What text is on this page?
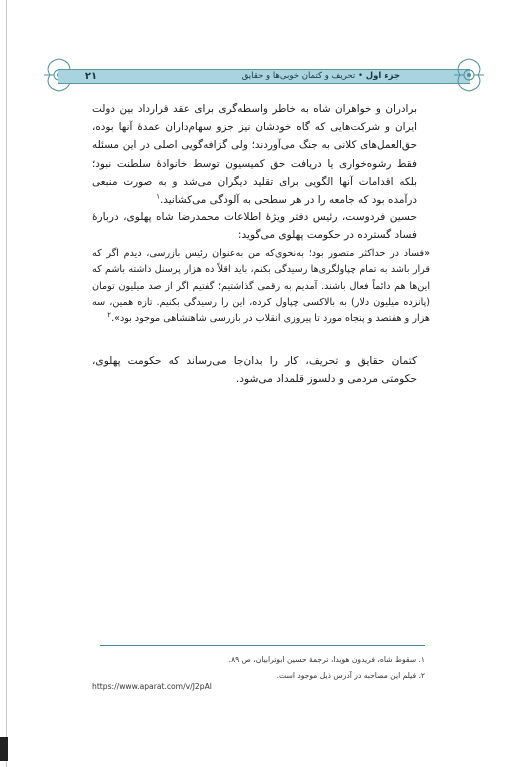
۲۱	جزء اول • تحریف و کتمان خوبی‌ها و حقایق
برادران و خواهران شاه به خاطر واسطه‌گری برای عقد قرارداد بین دولت ایران و شرکت‌هایی که گاه خودشان نیز جزو سهام‌داران عمدهٔ آنها بوده، حق‌العمل‌های کلانی به جنگ می‌آوردند؛ ولی گزافه‌گویی اصلی در این مسئله فقط رشوه‌خواری یا دریافت حق کمیسیون توسط خانوادهٔ سلطنت نبود؛ بلکه اقدامات آنها الگویی برای تقلید دیگران می‌شد و به صورت منبعی درآمده بود که جامعه را در هر سطحی به آلودگی می‌کشانید.$^۱$
حسین فردوست، رئیس دفتر ویژهٔ اطلاعات محمدرضا شاه پهلوی، دربارهٔ فساد گسترده در حکومت پهلوی می‌گوید:
«فساد در حداکثر متصور بود؛ به‌نحوی‌که من به‌عنوان رئیس بازرسی، دیدم اگر که قرار باشد به تمام چپاولگری‌ها رسیدگی بکنم، باید اقلاً ده هزار پرسنل داشته باشم که این‌ها هم دائماً فعال باشند. آمدیم به رقمی گذاشتیم؛ گفتیم اگر از صد میلیون تومان (پانزده میلیون دلار) به بالاکسی چپاول کرده، این را رسیدگی بکنیم. تازه همین، سه هزار و هفتصد و پنجاه مورد تا پیروزی انقلاب در بازرسی شاهنشاهی موجود بود».$^۲$
کتمان حقایق و تحریف، کار را بدان‌جا می‌رساند که حکومت پهلوی، حکومتی مردمی و دلسوز قلمداد می‌شود.
۱. سقوط شاه، فریدون هویدا، ترجمهٔ حسین ابوترابیان، ص ۸۹.
۲. فیلم این مصاحبه در آدرس ذیل موجود است.
https://www.aparat.com/v/J2pAl
